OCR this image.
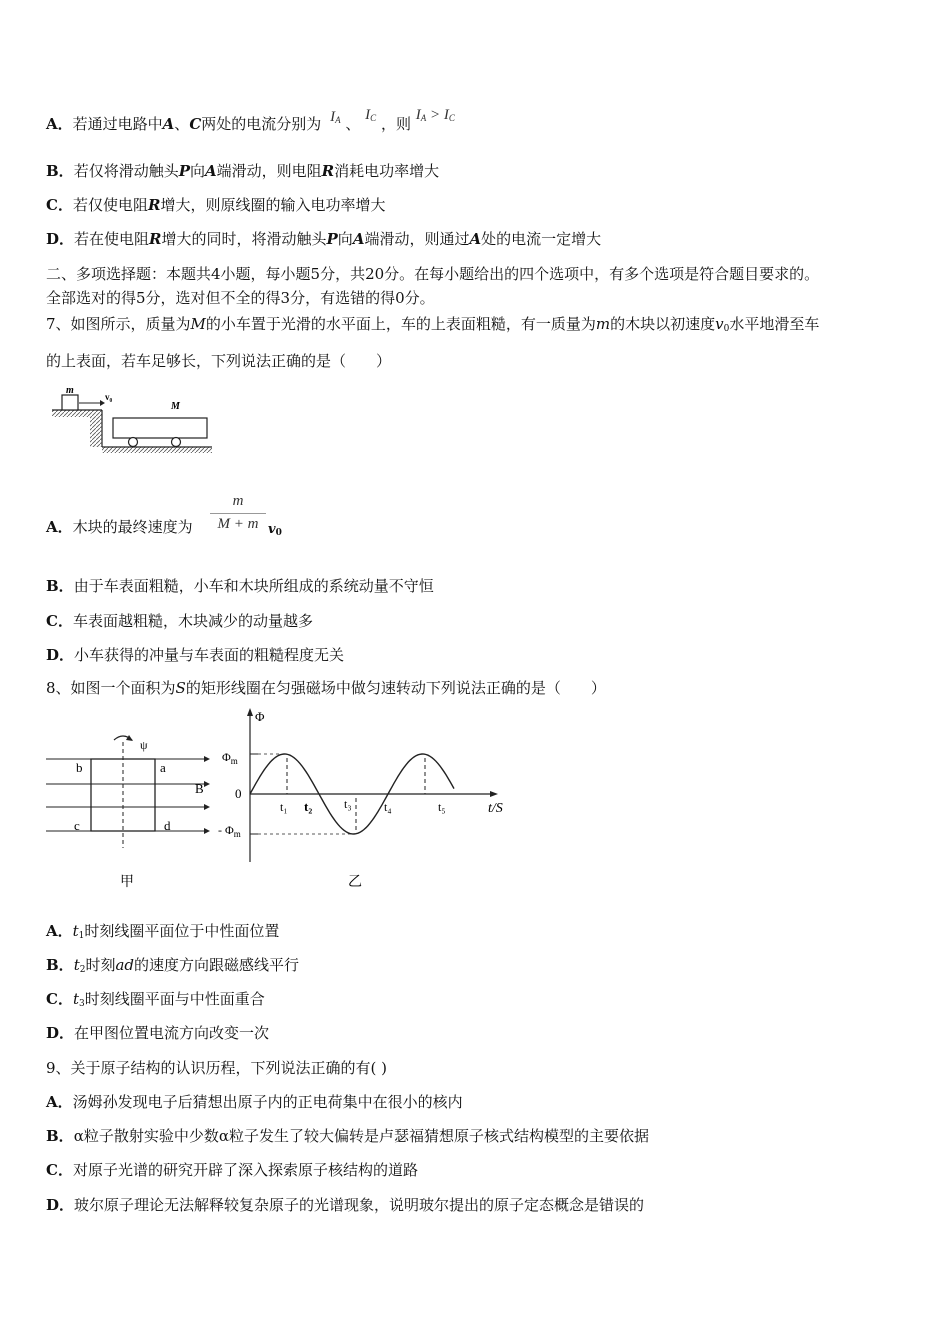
A．若通过电路中A、C两处的电流分别为 $I_A$ 、 $I_C$ ，则 $I_A > I_C$
B．若仅将滑动触头P向A端滑动，则电阻R消耗电功率增大
C．若仅使电阻R增大，则原线圈的输入电功率增大
D．若在使电阻R增大的同时，将滑动触头P向A端滑动，则通过A处的电流一定增大
二、多项选择题：本题共4小题，每小题5分，共20分。在每小题给出的四个选项中，有多个选项是符合题目要求的。
全部选对的得5分，选对但不全的得3分，有选错的得0分。
7、如图所示，质量为M的小车置于光滑的水平面上，车的上表面粗糙，有一质量为m的木块以初速度$v_0$水平地滑至车
的上表面，若车足够长，下列说法正确的是（　　）
m
v₀
M
A．木块的最终速度为
m
M + m $v_0$
B．由于车表面粗糙，小车和木块所组成的系统动量不守恒
C．车表面越粗糙，木块减少的动量越多
D．小车获得的冲量与车表面的粗糙程度无关
8、如图一个面积为S的矩形线圈在匀强磁场中做匀速转动下列说法正确的是（　　）
ψ
b	a
c	d
B
甲
Φ
$\Phi_m$
- $\Phi_m$
0
t₁ t₂	t₃	t₄	t₅	t/S
乙
A．$t_1$时刻线圈平面位于中性面位置
B．$t_2$时刻ad的速度方向跟磁感线平行
C．$t_3$时刻线圈平面与中性面重合
D．在甲图位置电流方向改变一次
9、关于原子结构的认识历程，下列说法正确的有( )
A．汤姆孙发现电子后猜想出原子内的正电荷集中在很小的核内
B．α粒子散射实验中少数α粒子发生了较大偏转是卢瑟福猜想原子核式结构模型的主要依据
C．对原子光谱的研究开辟了深入探索原子核结构的道路
D．玻尔原子理论无法解释较复杂原子的光谱现象，说明玻尔提出的原子定态概念是错误的
